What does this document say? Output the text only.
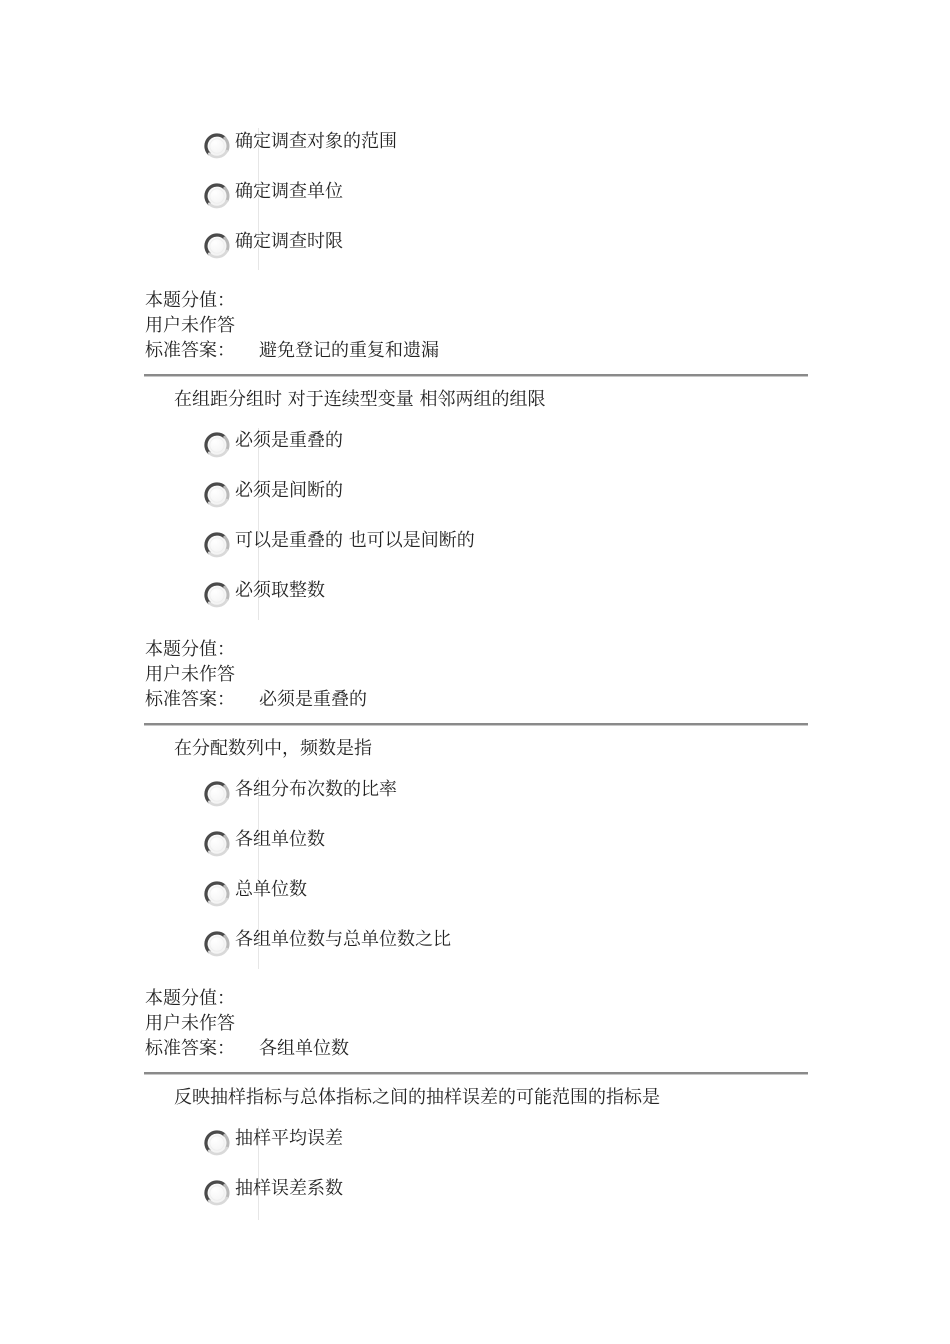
确定调查对象的范围
确定调查单位
确定调查时限
本题分值：
用户未作答
标准答案： 避免登记的重复和遗漏
在组距分组时 对于连续型变量 相邻两组的组限
必须是重叠的
必须是间断的
可以是重叠的 也可以是间断的
必须取整数
本题分值：
用户未作答
标准答案： 必须是重叠的
在分配数列中，频数是指
各组分布次数的比率
各组单位数
总单位数
各组单位数与总单位数之比
本题分值：
用户未作答
标准答案： 各组单位数
反映抽样指标与总体指标之间的抽样误差的可能范围的指标是
抽样平均误差
抽样误差系数
